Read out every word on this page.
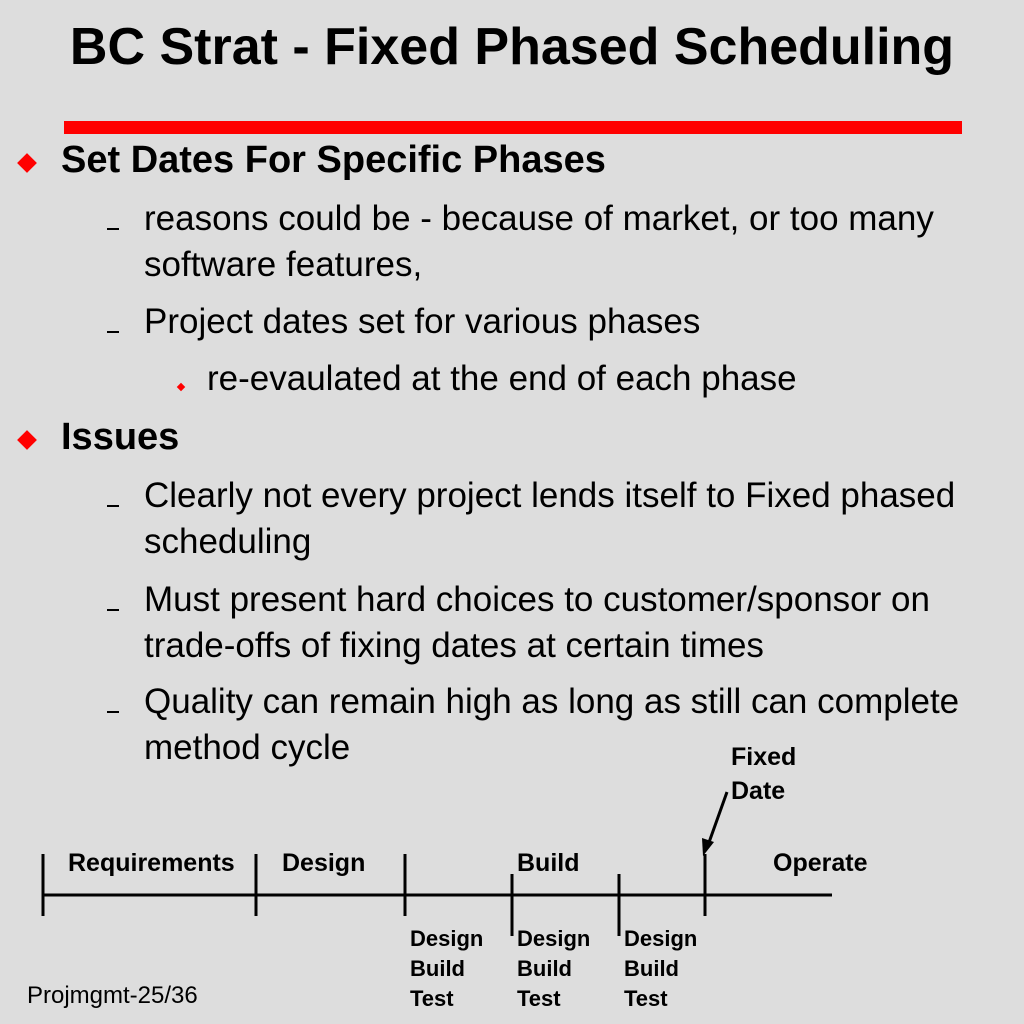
BC Strat - Fixed Phased Scheduling
Set Dates For Specific Phases
reasons could be - because of market, or too many software features,
Project dates set for various phases
re-evaulated at the end of each phase
Issues
Clearly not every project lends itself to Fixed phased scheduling
Must present hard choices to customer/sponsor on trade-offs of fixing dates at certain times
Quality can remain high as long as still can complete method cycle
Requirements Design	Build	Operate
Fixed
Date
Design
Build
Test
Design
Build
Test
Design
Build
Test
Projmgmt-25/36
